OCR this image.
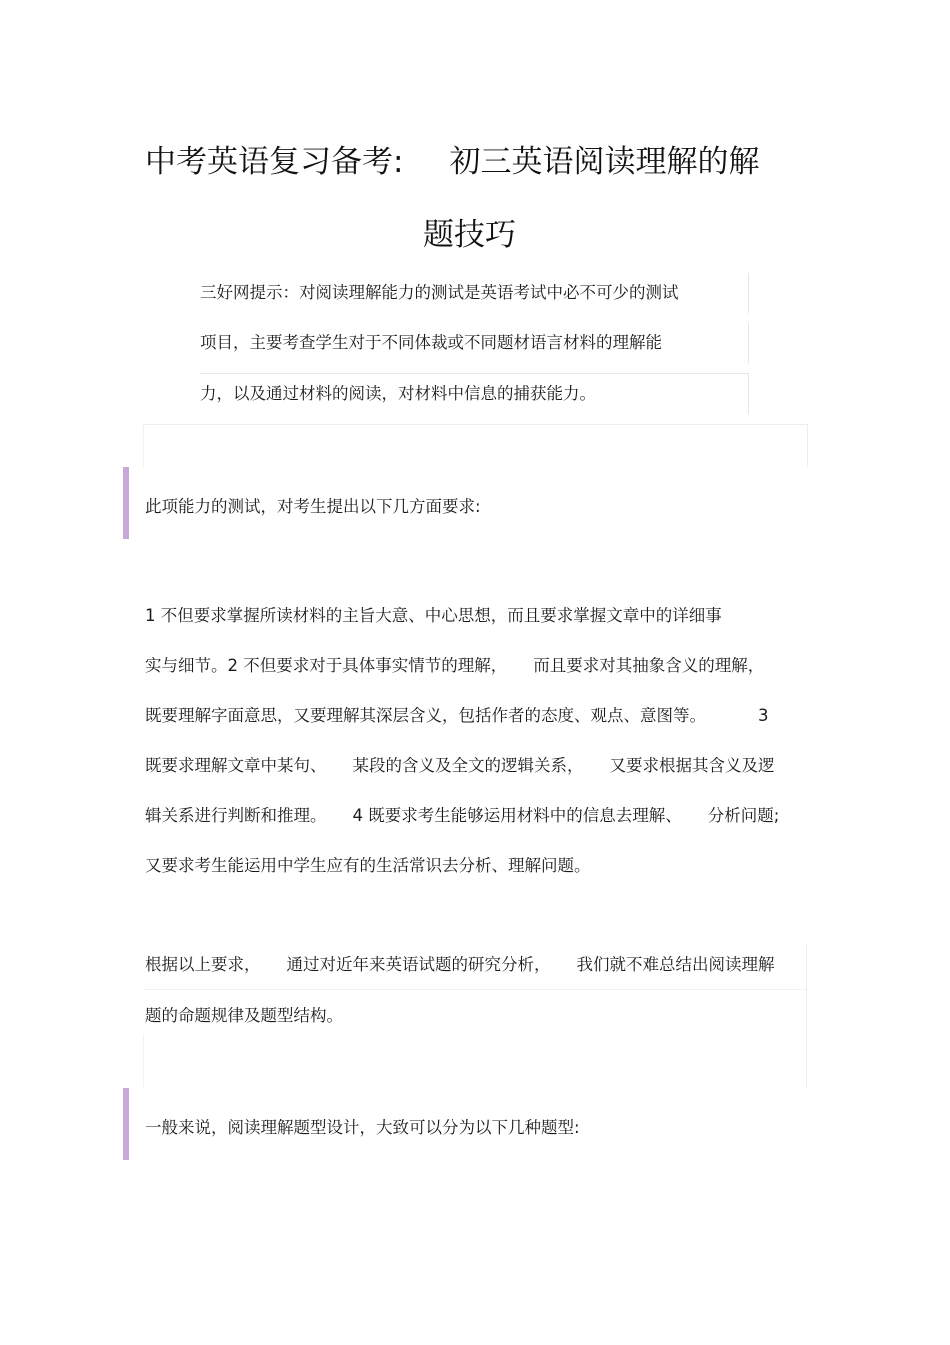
中考英语复习备考: 初三英语阅读理解的解
题技巧
三好网提示：对阅读理解能力的测试是英语考试中必不可少的测试
项目，主要考查学生对于不同体裁或不同题材语言材料的理解能
力，以及通过材料的阅读，对材料中信息的捕获能力。
此项能力的测试，对考生提出以下几方面要求:
1 不但要求掌握所读材料的主旨大意、中心思想，而且要求掌握文章中的详细事
实与细节。2 不但要求对于具体事实情节的理解， 而且要求对其抽象含义的理解，
既要理解字面意思，又要理解其深层含义，包括作者的态度、观点、意图等。	3
既要求理解文章中某句、 某段的含义及全文的逻辑关系， 又要求根据其含义及逻
辑关系进行判断和推理。 4 既要求考生能够运用材料中的信息去理解、 分析问题;
又要求考生能运用中学生应有的生活常识去分析、理解问题。
根据以上要求， 通过对近年来英语试题的研究分析， 我们就不难总结出阅读理解
题的命题规律及题型结构。
一般来说，阅读理解题型设计，大致可以分为以下几种题型:
